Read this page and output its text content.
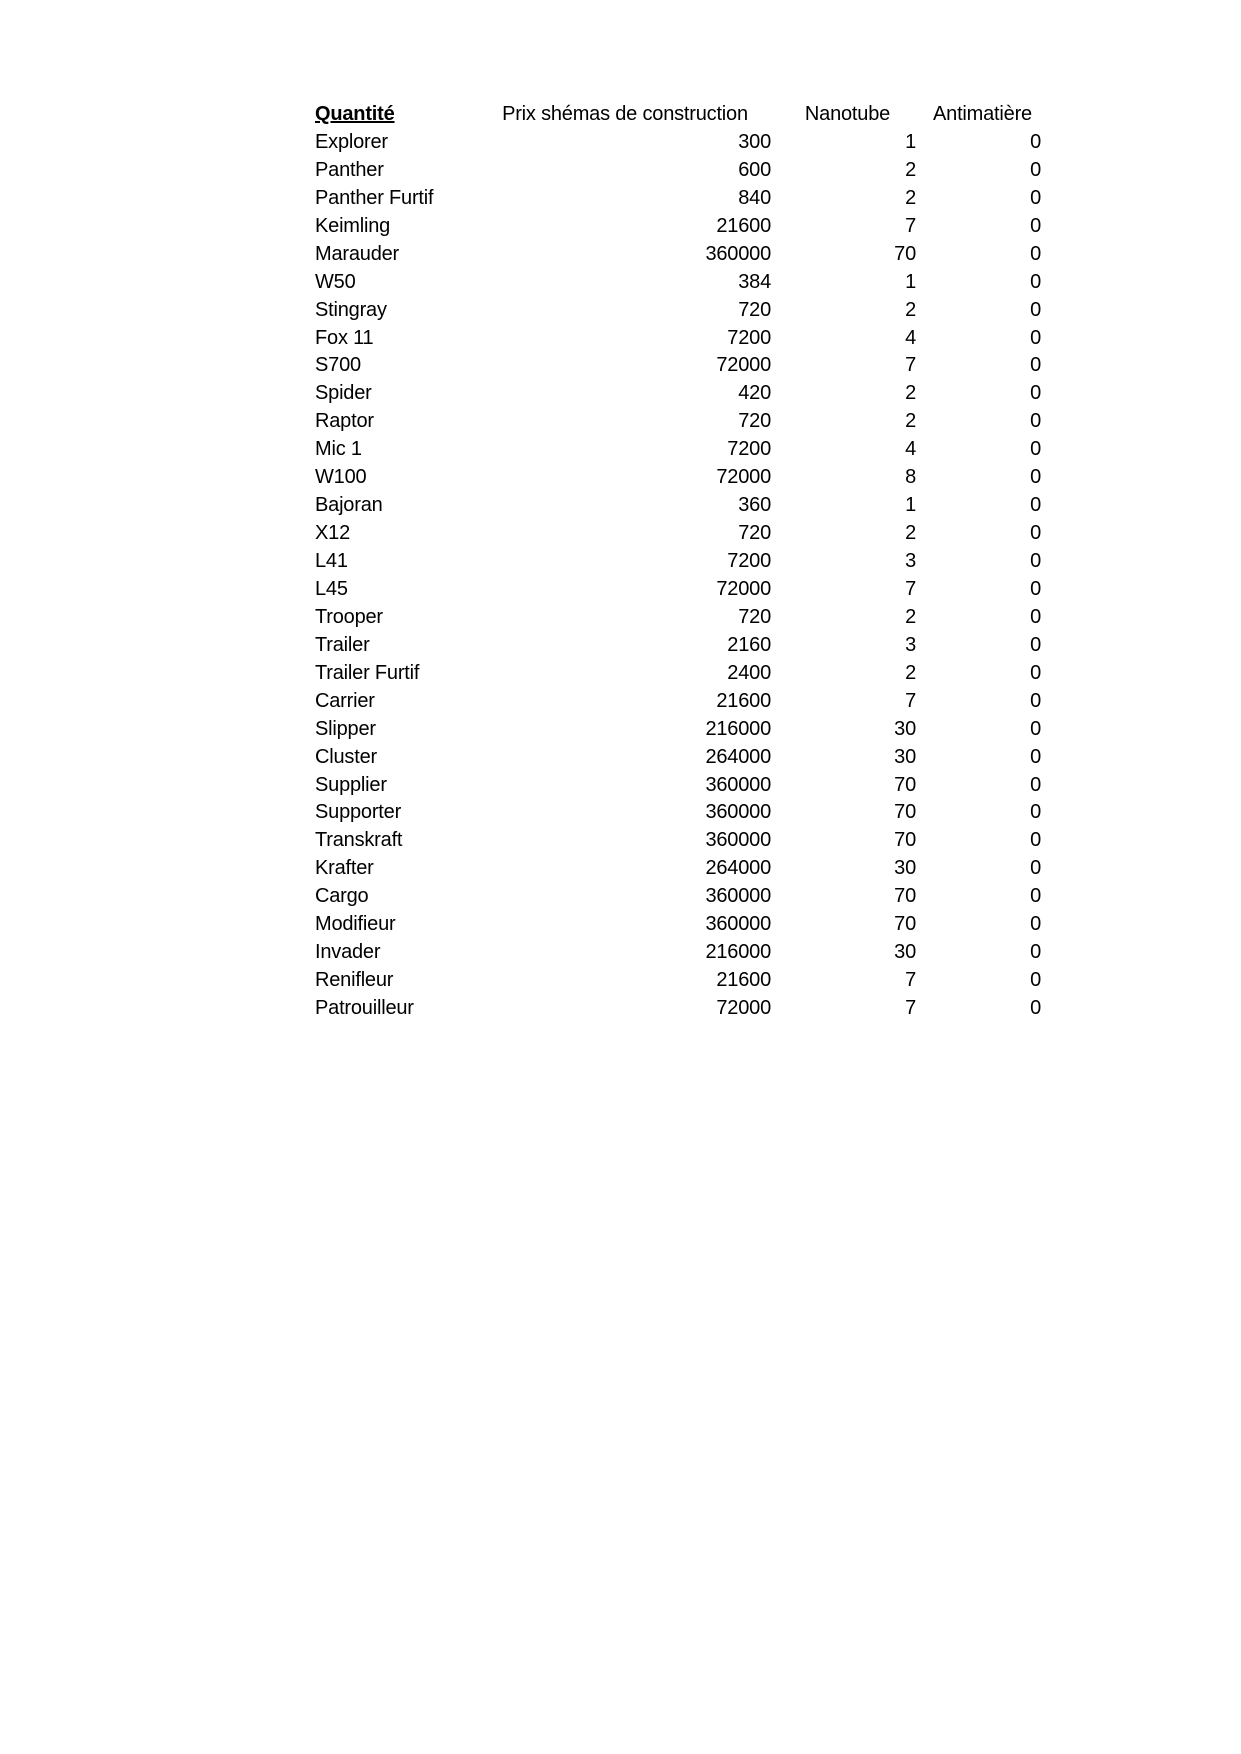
Quantité	Prix shémas de construction	Nanotube	Antimatière
Explorer	300	1	0
Panther	600	2	0
Panther Furtif	840	2	0
Keimling	21600	7	0
Marauder	360000	70	0
W50	384	1	0
Stingray	720	2	0
Fox 11	7200	4	0
S700	72000	7	0
Spider	420	2	0
Raptor	720	2	0
Mic 1	7200	4	0
W100	72000	8	0
Bajoran	360	1	0
X12	720	2	0
L41	7200	3	0
L45	72000	7	0
Trooper	720	2	0
Trailer	2160	3	0
Trailer Furtif	2400	2	0
Carrier	21600	7	0
Slipper	216000	30	0
Cluster	264000	30	0
Supplier	360000	70	0
Supporter	360000	70	0
Transkraft	360000	70	0
Krafter	264000	30	0
Cargo	360000	70	0
Modifieur	360000	70	0
Invader	216000	30	0
Renifleur	21600	7	0
Patrouilleur	72000	7	0
